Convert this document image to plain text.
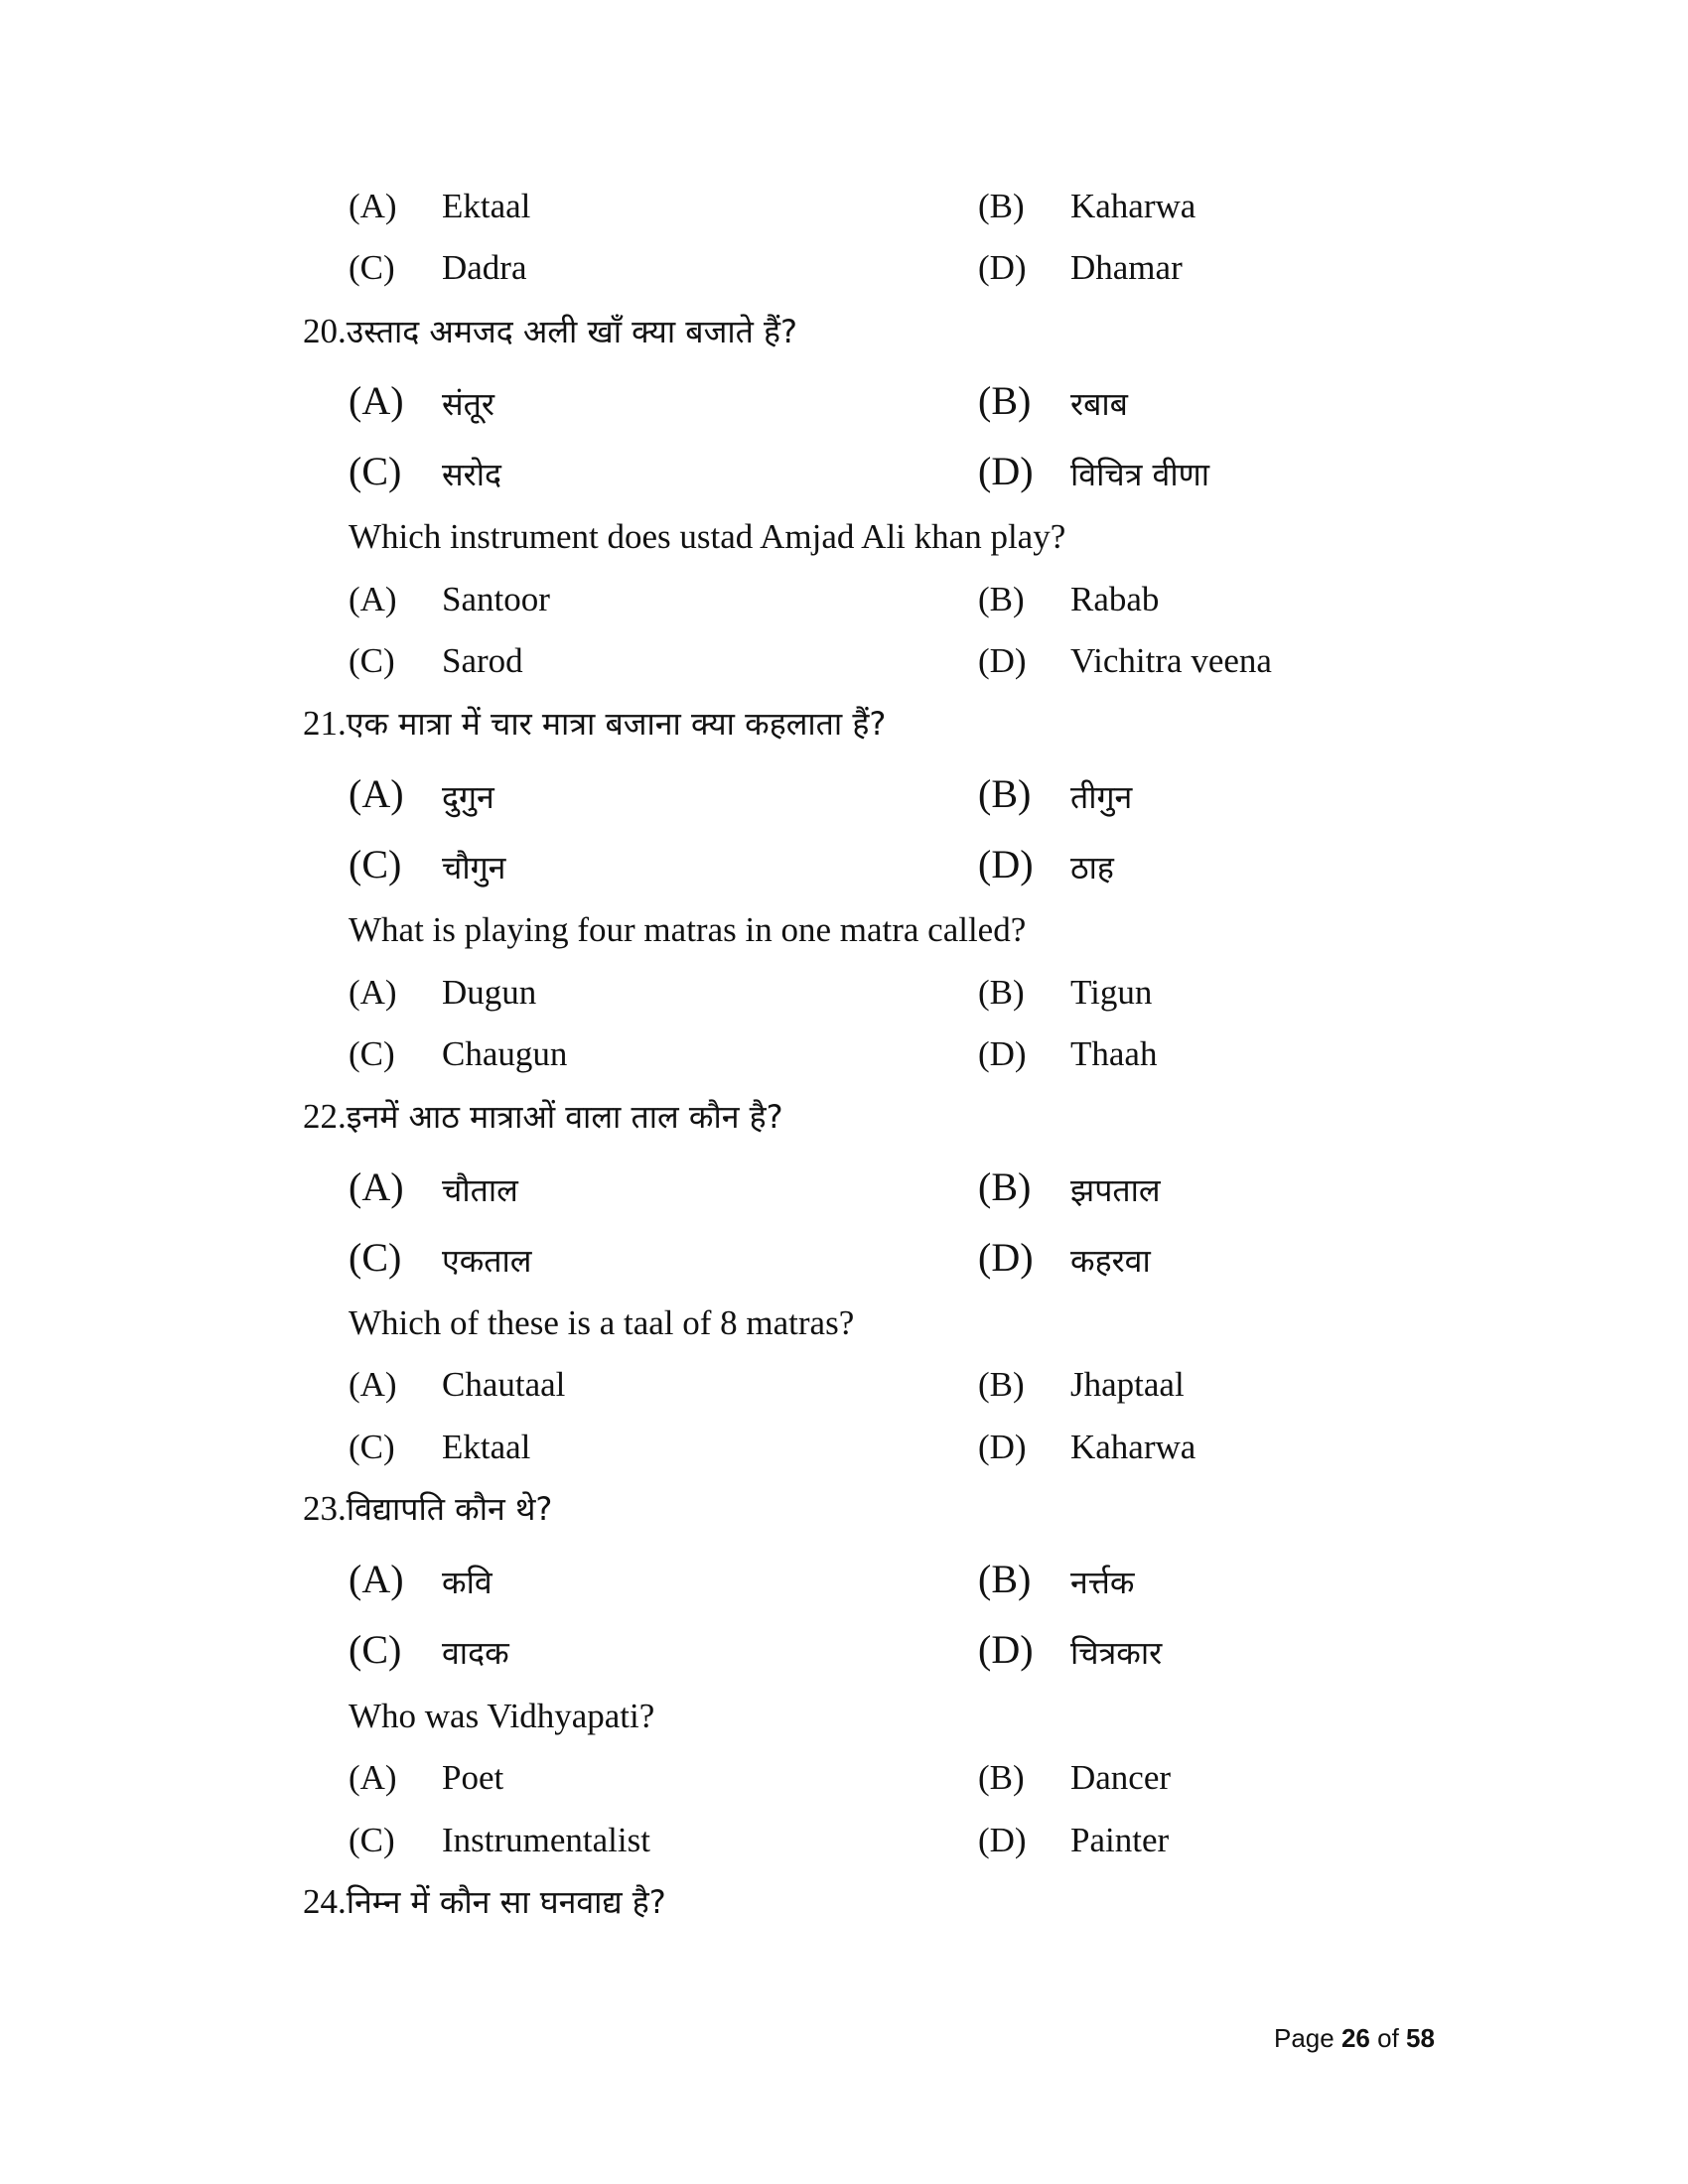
(A) Ektaal	(B) Kaharwa
(C) Dadra	(D) Dhamar
20.उस्ताद अमजद अली खाँ क्या बजाते हैं?
(A) संतूर	(B) रबाब
(C) सरोद	(D) विचित्र वीणा
Which instrument does ustad Amjad Ali khan play?
(A) Santoor	(B) Rabab
(C) Sarod	(D) Vichitra veena
21.एक मात्रा में चार मात्रा बजाना क्या कहलाता हैं?
(A) दुगुन	(B) तीगुन
(C) चौगुन	(D) ठाह
What is playing four matras in one matra called?
(A) Dugun	(B) Tigun
(C) Chaugun	(D) Thaah
22.इनमें आठ मात्राओं वाला ताल कौन है?
(A) चौताल	(B) झपताल
(C) एकताल	(D) कहरवा
Which of these is a taal of 8 matras?
(A) Chautaal	(B) Jhaptaal
(C) Ektaal	(D) Kaharwa
23.विद्यापति कौन थे?
(A) कवि	(B) नर्त्तक
(C) वादक	(D) चित्रकार
Who was Vidhyapati?
(A) Poet	(B) Dancer
(C) Instrumentalist	(D) Painter
24.निम्न में कौन सा घनवाद्य है?
Page 26 of 58
